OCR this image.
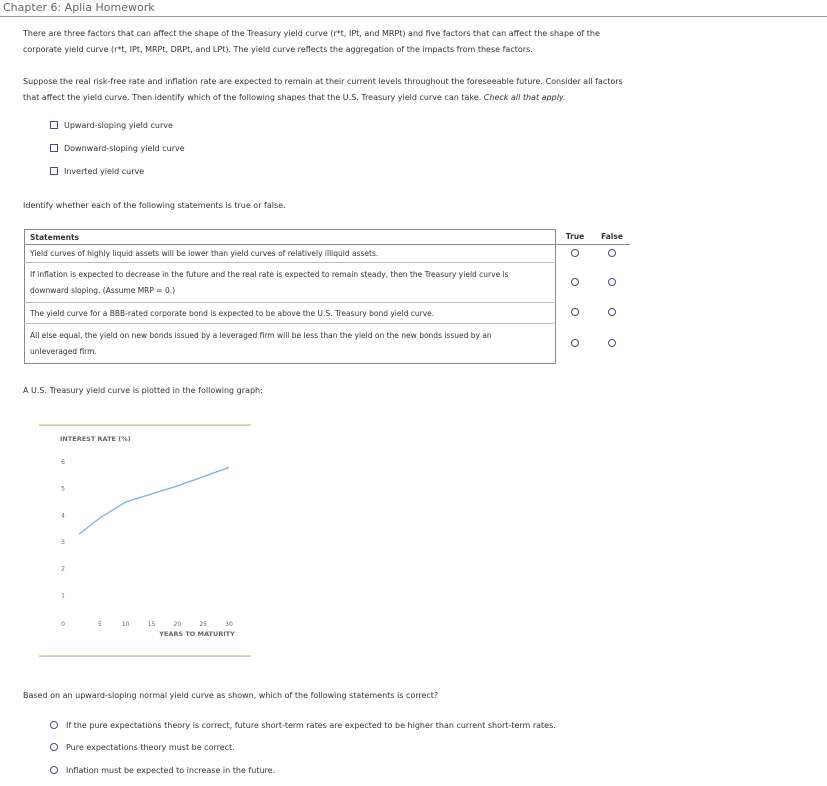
Chapter 6: Aplia Homework
There are three factors that can affect the shape of the Treasury yield curve (r*t, IPt, and MRPt) and five factors that can affect the shape of the
corporate yield curve (r*t, IPt, MRPt, DRPt, and LPt). The yield curve reflects the aggregation of the impacts from these factors.
Suppose the real risk-free rate and inflation rate are expected to remain at their current levels throughout the foreseeable future. Consider all factors
that affect the yield curve. Then identify which of the following shapes that the U.S. Treasury yield curve can take. Check all that apply.
Upward-sloping yield curve
Downward-sloping yield curve
Inverted yield curve
Identify whether each of the following statements is true or false.
Statements	True	False

Yield curves of highly liquid assets will be lower than yield curves of relatively illiquid assets.		

If inflation is expected to decrease in the future and the real rate is expected to remain steady, then the Treasury yield curve is
downward sloping. (Assume MRP = 0.)		

The yield curve for a BBB-rated corporate bond is expected to be above the U.S. Treasury bond yield curve.		

All else equal, the yield on new bonds issued by a leveraged firm will be less than the yield on the new bonds issued by an
unleveraged firm.		

A U.S. Treasury yield curve is plotted in the following graph:
INTEREST RATE (%)
YEARS TO MATURITY
1
2
3
4
5
6
0	5	10	15	20	25	30
Based on an upward-sloping normal yield curve as shown, which of the following statements is correct?
If the pure expectations theory is correct, future short-term rates are expected to be higher than current short-term rates.
Pure expectations theory must be correct.
Inflation must be expected to increase in the future.
